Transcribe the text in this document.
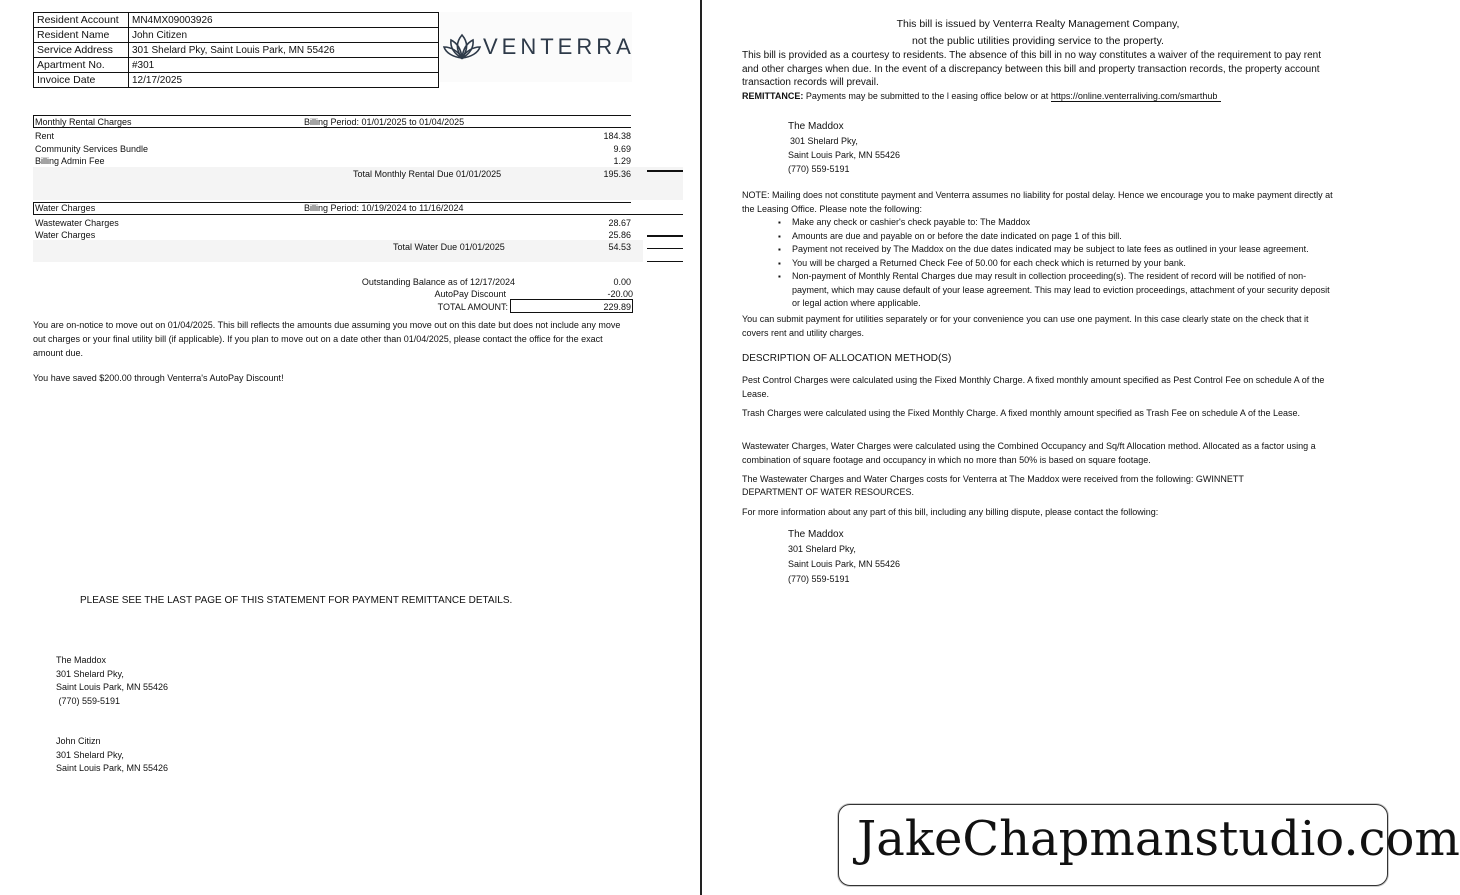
Resident Account	MN4MX09003926
Resident Name	John Citizen
Service Address	301 Shelard Pky, Saint Louis Park, MN 55426
Apartment No.	#301
Invoice Date	12/17/2025
VENTERRA
Monthly Rental Charges	Billing Period: 01/01/2025 to 01/04/2025
Rent	184.38
Community Services Bundle	9.69
Billing Admin Fee	1.29
Total Monthly Rental Due 01/01/2025	195.36
Water Charges	Billing Period: 10/19/2024 to 11/16/2024
Wastewater Charges	28.67
Water Charges	25.86
Total Water Due 01/01/2025	54.53
Outstanding Balance as of 12/17/2024	0.00
AutoPay Discount	-20.00
TOTAL AMOUNT:	229.89
You are on-notice to move out on 01/04/2025. This bill reflects the amounts due assuming you move out on this date but does not include any move out charges or your final utility bill (if applicable). If you plan to move out on a date other than 01/04/2025, please contact the office for the exact amount due.
You have saved $200.00 through Venterra's AutoPay Discount!
PLEASE SEE THE LAST PAGE OF THIS STATEMENT FOR PAYMENT REMITTANCE DETAILS.
The Maddox
301 Shelard Pky,
Saint Louis Park, MN 55426
(770) 559-5191
John Citizn
301 Shelard Pky,
Saint Louis Park, MN 55426
This bill is issued by Venterra Realty Management Company,
not the public utilities providing service to the property.
This bill is provided as a courtesy to residents. The absence of this bill in no way constitutes a waiver of the requirement to pay rent and other charges when due. In the event of a discrepancy between this bill and property transaction records, the property account transaction records will prevail.
REMITTANCE: Payments may be submitted to the l easing office below or at https://online.venterraliving.com/smarthub
The Maddox
301 Shelard Pky,
Saint Louis Park, MN 55426
(770) 559-5191
NOTE: Mailing does not constitute payment and Venterra assumes no liability for postal delay. Hence we encourage you to make payment directly at the Leasing Office. Please note the following:
▪ Make any check or cashier's check payable to: The Maddox
▪ Amounts are due and payable on or before the date indicated on page 1 of this bill.
▪ Payment not received by The Maddox on the due dates indicated may be subject to late fees as outlined in your lease agreement.
▪ You will be charged a Returned Check Fee of 50.00 for each check which is returned by your bank.
▪ Non-payment of Monthly Rental Charges due may result in collection proceeding(s). The resident of record will be notified of non-payment, which may cause default of your lease agreement. This may lead to eviction proceedings, attachment of your security deposit or legal action where applicable.
You can submit payment for utilities separately or for your convenience you can use one payment. In this case clearly state on the check that it covers rent and utility charges.
DESCRIPTION OF ALLOCATION METHOD(S)
Pest Control Charges were calculated using the Fixed Monthly Charge. A fixed monthly amount specified as Pest Control Fee on schedule A of the Lease.
Trash Charges were calculated using the Fixed Monthly Charge. A fixed monthly amount specified as Trash Fee on schedule A of the Lease.
Wastewater Charges, Water Charges were calculated using the Combined Occupancy and Sq/ft Allocation method. Allocated as a factor using a combination of square footage and occupancy in which no more than 50% is based on square footage.
The Wastewater Charges and Water Charges costs for Venterra at The Maddox were received from the following: GWINNETT DEPARTMENT OF WATER RESOURCES.
For more information about any part of this bill, including any billing dispute, please contact the following:
The Maddox
301 Shelard Pky,
Saint Louis Park, MN 55426
(770) 559-5191
JakeChapmanstudio.com
